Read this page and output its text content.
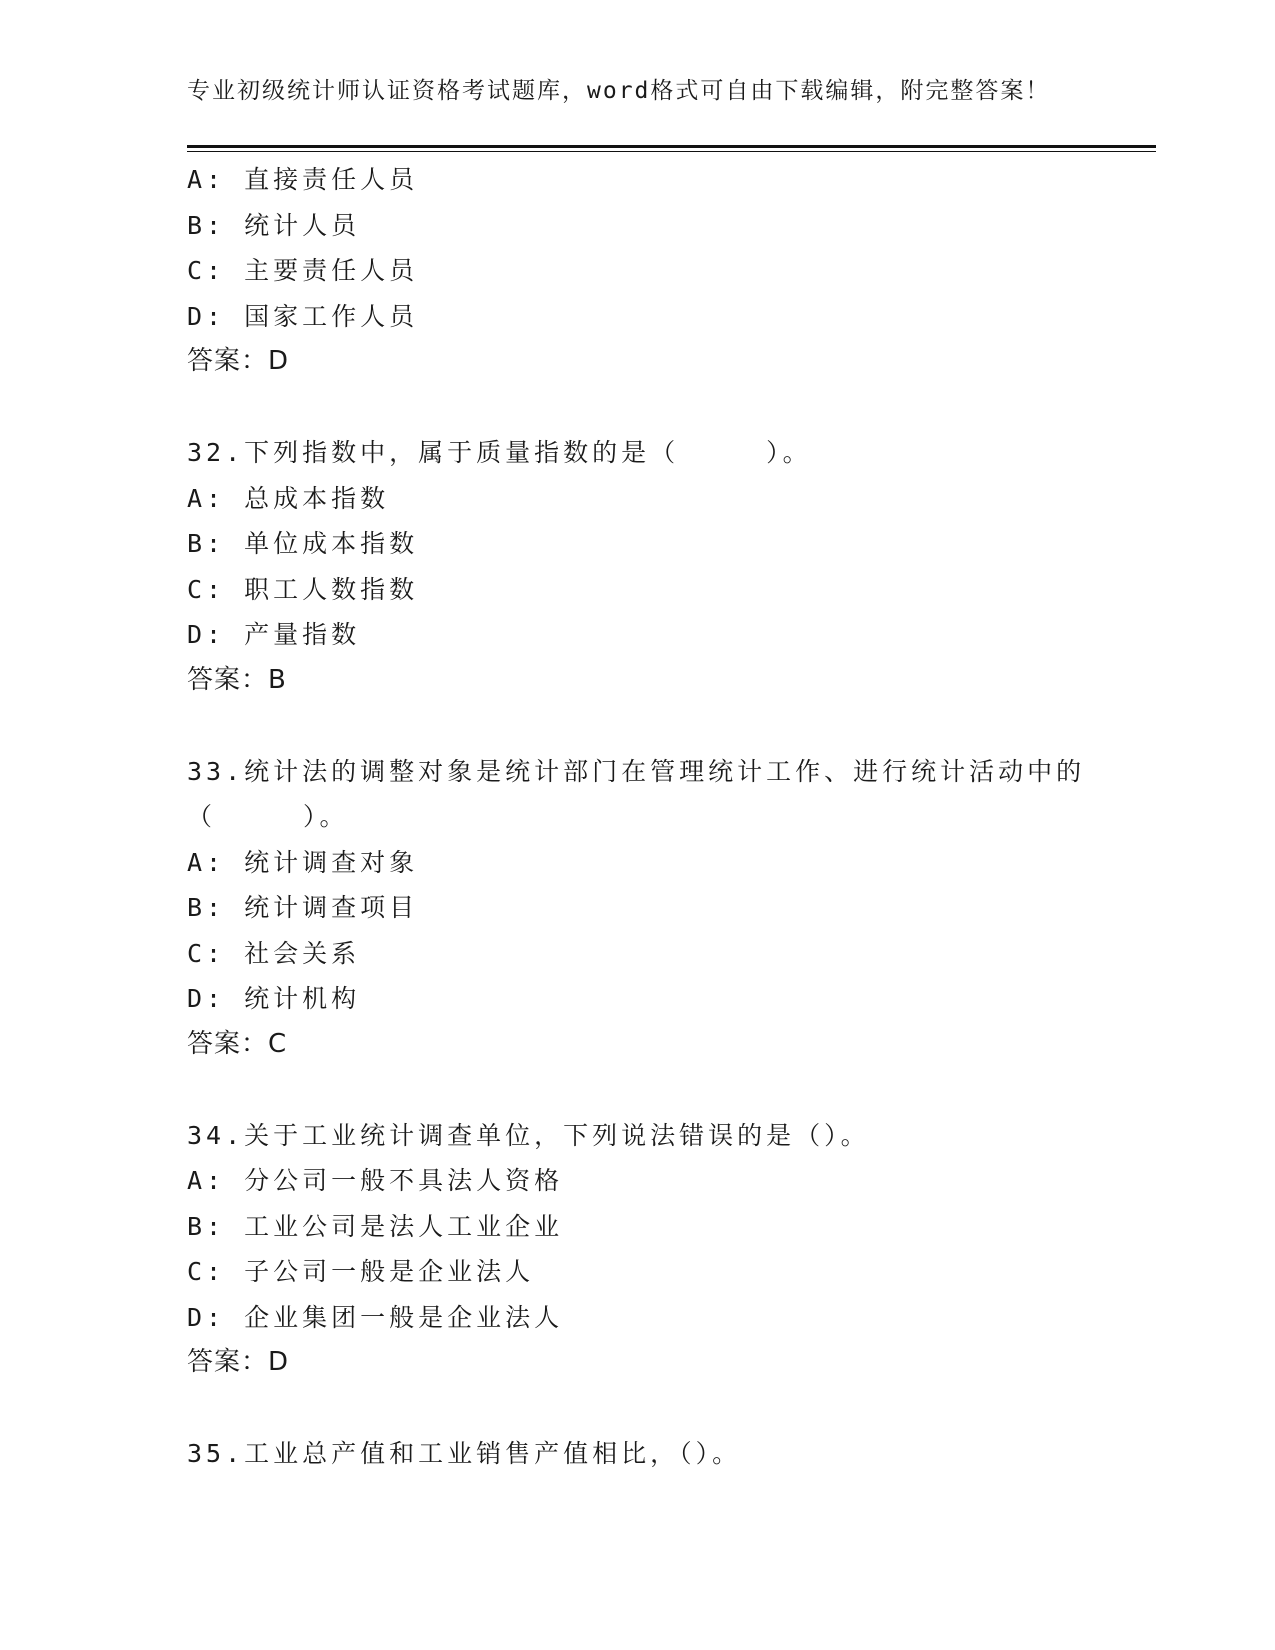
专业初级统计师认证资格考试题库，word格式可自由下载编辑，附完整答案！
A: 直接责任人员
B: 统计人员
C: 主要责任人员
D: 国家工作人员
答案：D
32.下列指数中，属于质量指数的是（　　　）。
A: 总成本指数
B: 单位成本指数
C: 职工人数指数
D: 产量指数
答案：B
33.统计法的调整对象是统计部门在管理统计工作、进行统计活动中的
（　　　）。
A: 统计调查对象
B: 统计调查项目
C: 社会关系
D: 统计机构
答案：C
34.关于工业统计调查单位，下列说法错误的是（）。
A: 分公司一般不具法人资格
B: 工业公司是法人工业企业
C: 子公司一般是企业法人
D: 企业集团一般是企业法人
答案：D
35.工业总产值和工业销售产值相比，（）。
